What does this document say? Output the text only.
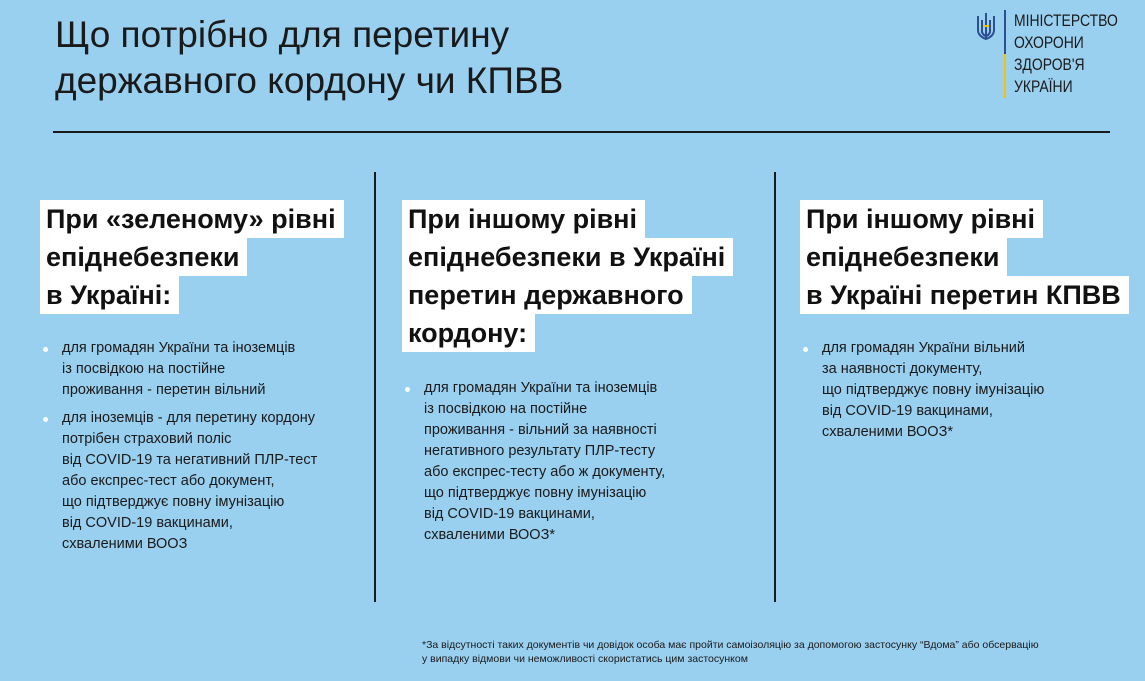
Що потрібно для перетину
державного кордону чи КПВВ
МІНІСТЕРСТВО
ОХОРОНИ
ЗДОРОВ'Я
УКРАЇНИ
При «зеленому» рівні
епіднебезпеки
в Україні:
для громадян України та іноземців
із посвідкою на постійне
проживання - перетин вільний
для іноземців - для перетину кордону
потрібен страховий поліс
від COVID-19 та негативний ПЛР-тест
або експрес-тест або документ,
що підтверджує повну імунізацію
від COVID-19 вакцинами,
схваленими ВООЗ
При іншому рівні
епіднебезпеки в Україні
перетин державного
кордону:
для громадян України та іноземців
із посвідкою на постійне
проживання - вільний за наявності
негативного результату ПЛР-тесту
або експрес-тесту або ж документу,
що підтверджує повну імунізацію
від COVID-19 вакцинами,
схваленими ВООЗ*
При іншому рівні
епіднебезпеки
в Україні перетин КПВВ
для громадян України вільний
за наявності документу,
що підтверджує повну імунізацію
від COVID-19 вакцинами,
схваленими ВООЗ*
*За відсутності таких документів чи довідок особа має пройти самоізоляцію за допомогою застосунку “Вдома” або обсервацію
у випадку відмови чи неможливості скористатись цим застосунком
